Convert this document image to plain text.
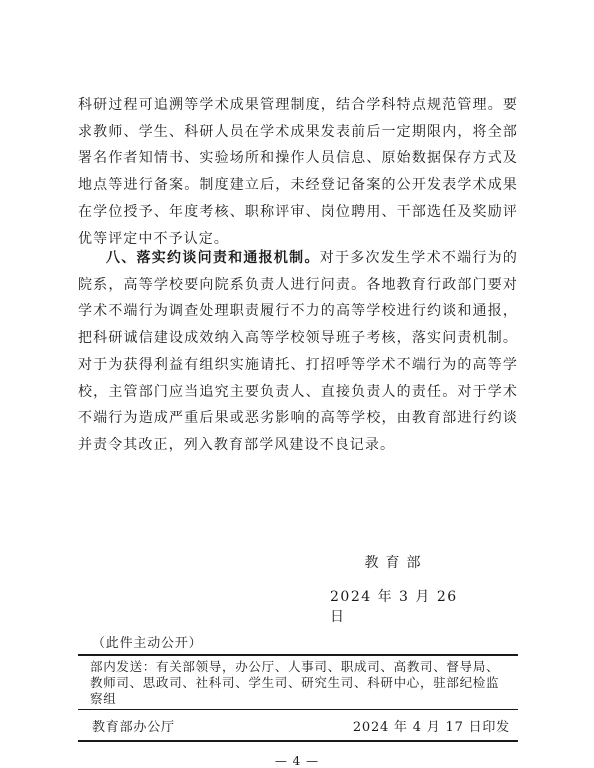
科研过程可追溯等学术成果管理制度，结合学科特点规范管理。要求教师、学生、科研人员在学术成果发表前后一定期限内，将全部署名作者知情书、实验场所和操作人员信息、原始数据保存方式及地点等进行备案。制度建立后，未经登记备案的公开发表学术成果在学位授予、年度考核、职称评审、岗位聘用、干部选任及奖励评优等评定中不予认定。

八、落实约谈问责和通报机制。对于多次发生学术不端行为的院系，高等学校要向院系负责人进行问责。各地教育行政部门要对学术不端行为调查处理职责履行不力的高等学校进行约谈和通报，把科研诚信建设成效纳入高等学校领导班子考核，落实问责机制。对于为获得利益有组织实施请托、打招呼等学术不端行为的高等学校，主管部门应当追究主要负责人、直接负责人的责任。对于学术不端行为造成严重后果或恶劣影响的高等学校，由教育部进行约谈并责令其改正，列入教育部学风建设不良记录。

教育部
2024 年 3 月 26 日
（此件主动公开）
部内发送：有关部领导，办公厅、人事司、职成司、高教司、督导局、教师司、思政司、社科司、学生司、研究生司、科研中心，驻部纪检监察组
教育部办公厅	2024 年 4 月 17 日印发
— 4 —
